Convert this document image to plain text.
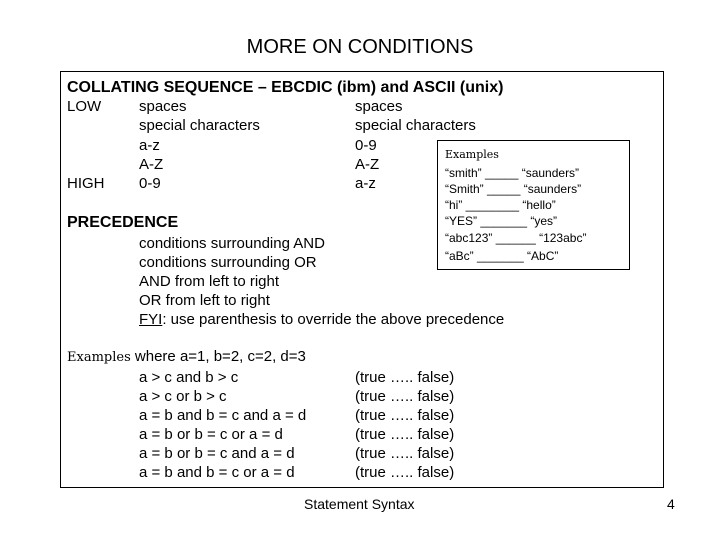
MORE ON CONDITIONS
COLLATING SEQUENCE – EBCDIC (ibm) and ASCII (unix)
LOW
HIGH
spaces
special characters
a-z
A-Z
0-9
spaces
special characters
0-9
A-Z
a-z
Examples
“smith” _____ “saunders”
“Smith” _____ “saunders”
“hi” ________ “hello”
“YES” _______ “yes”
“abc123” ______ “123abc”
“aBc” _______ “AbC”
PRECEDENCE
conditions surrounding AND
conditions surrounding OR
AND from left to right
OR from left to right
FYI: use parenthesis to override the above precedence
Examples where a=1, b=2, c=2, d=3
a > c and b > c
a > c or b > c
a = b and b = c and a = d
a = b or b = c or a = d
a = b or b = c and a = d
a = b and b = c or a = d
(true ….. false)
(true ….. false)
(true ….. false)
(true ….. false)
(true ….. false)
(true ….. false)
Statement Syntax	4
